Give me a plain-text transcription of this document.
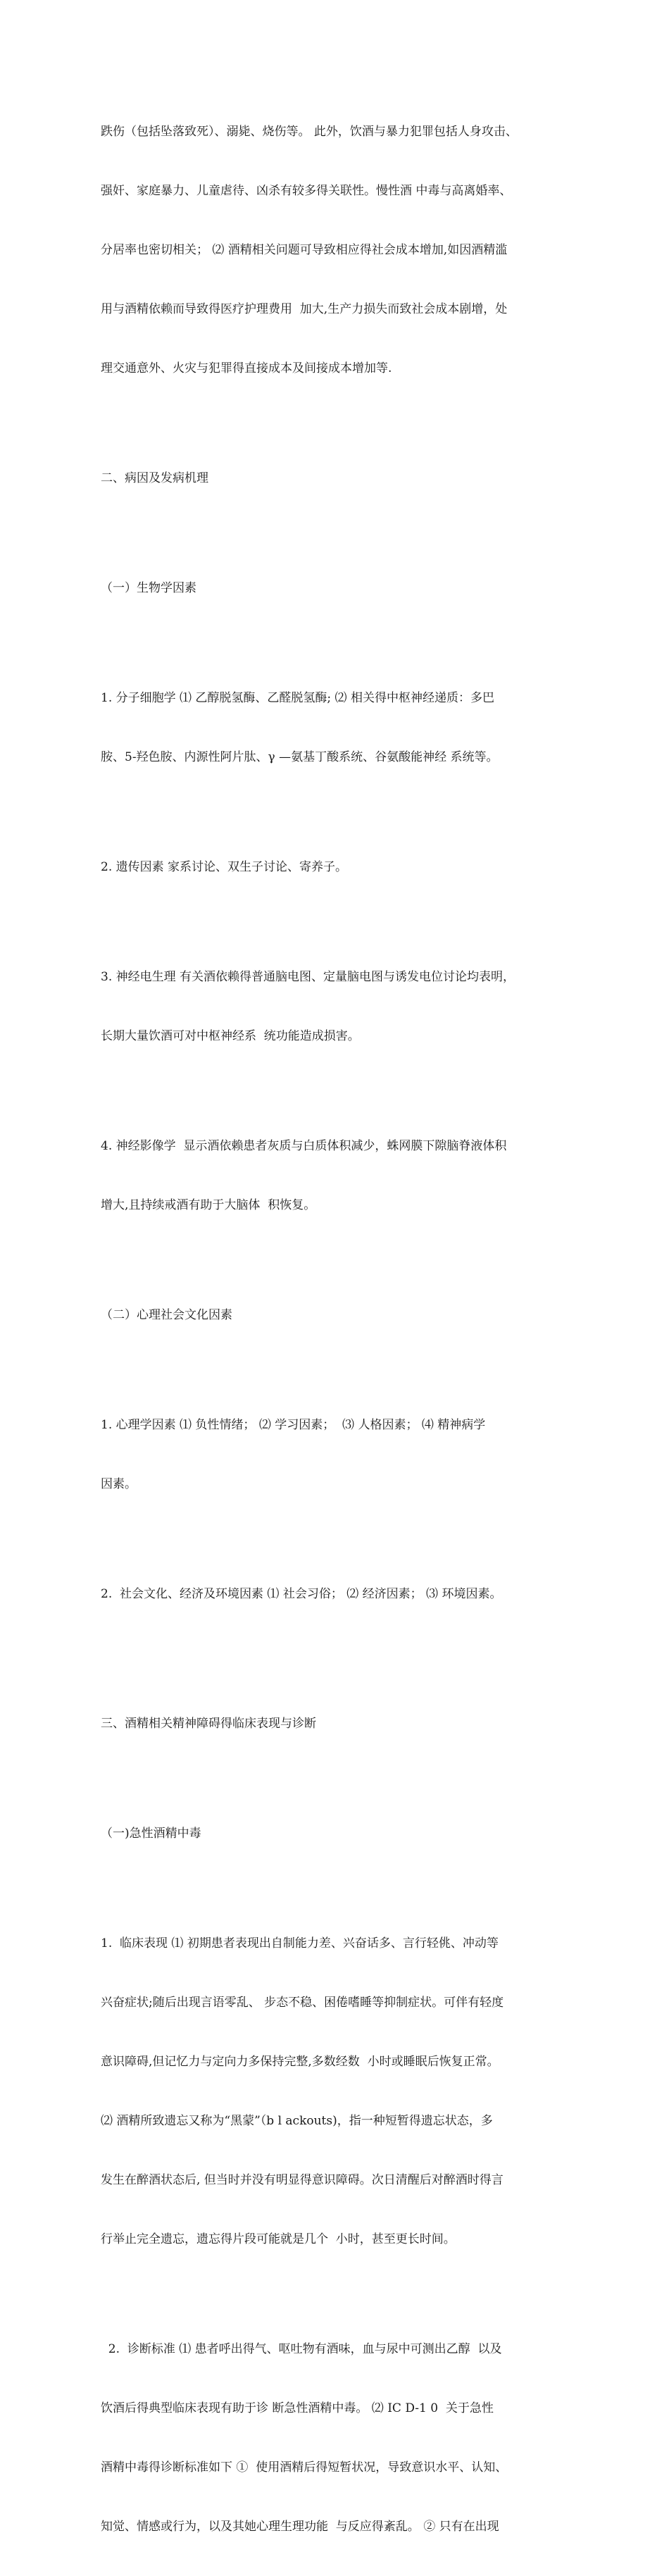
跌伤（包括坠落致死）、溺毙、烧伤等。 此外，饮酒与暴力犯罪包括人身攻击、

强奸、家庭暴力、儿童虐待、凶杀有较多得关联性。慢性酒 中毒与高离婚率、

分居率也密切相关； ⑵ 酒精相关问题可导致相应得社会成本增加,如因酒精滥

用与酒精依赖而导致得医疗护理费用  加大,生产力损失而致社会成本剧增，处

理交通意外、火灾与犯罪得直接成本及间接成本增加等.

二、病因及发病机理

（一）生物学因素

1. 分子细胞学 ⑴ 乙醇脱氢酶、乙醛脱氢酶; ⑵ 相关得中枢神经递质：多巴

胺、5-羟色胺、内源性阿片肽、γ —氨基丁酸系统、谷氨酸能神经 系统等。

2. 遗传因素 家系讨论、双生子讨论、寄养子。

3. 神经电生理 有关酒依赖得普通脑电图、定量脑电图与诱发电位讨论均表明，

长期大量饮酒可对中枢神经系  统功能造成损害。

4. 神经影像学  显示酒依赖患者灰质与白质体积减少，蛛网膜下隙脑脊液体积

增大,且持续戒酒有助于大脑体  积恢复。

（二）心理社会文化因素

1. 心理学因素 ⑴ 负性情绪； ⑵ 学习因素；  ⑶ 人格因素； ⑷ 精神病学

因素。

2.  社会文化、经济及环境因素 ⑴ 社会习俗； ⑵ 经济因素； ⑶ 环境因素。

三、酒精相关精神障碍得临床表现与诊断

（一)急性酒精中毒

1.  临床表现 ⑴ 初期患者表现出自制能力差、兴奋话多、言行轻佻、冲动等

兴奋症状;随后出现言语零乱、 步态不稳、困倦嗜睡等抑制症状。可伴有轻度

意识障碍,但记忆力与定向力多保持完整,多数经数  小时或睡眠后恢复正常。

⑵ 酒精所致遗忘又称为“黑蒙”（b l ackouts)，指一种短暂得遗忘状态，多

发生在醉酒状态后, 但当时并没有明显得意识障碍。次日清醒后对醉酒时得言

行举止完全遗忘，遗忘得片段可能就是几个  小时，甚至更长时间。

2.  诊断标准 ⑴ 患者呼出得气、呕吐物有酒味，血与尿中可测出乙醇  以及

饮酒后得典型临床表现有助于诊 断急性酒精中毒。 ⑵ IC D-1 0  关于急性

酒精中毒得诊断标准如下 ①  使用酒精后得短暂状况，导致意识水平、认知、

知觉、情感或行为，以及其她心理生理功能  与反应得紊乱。 ② 只有在出现
